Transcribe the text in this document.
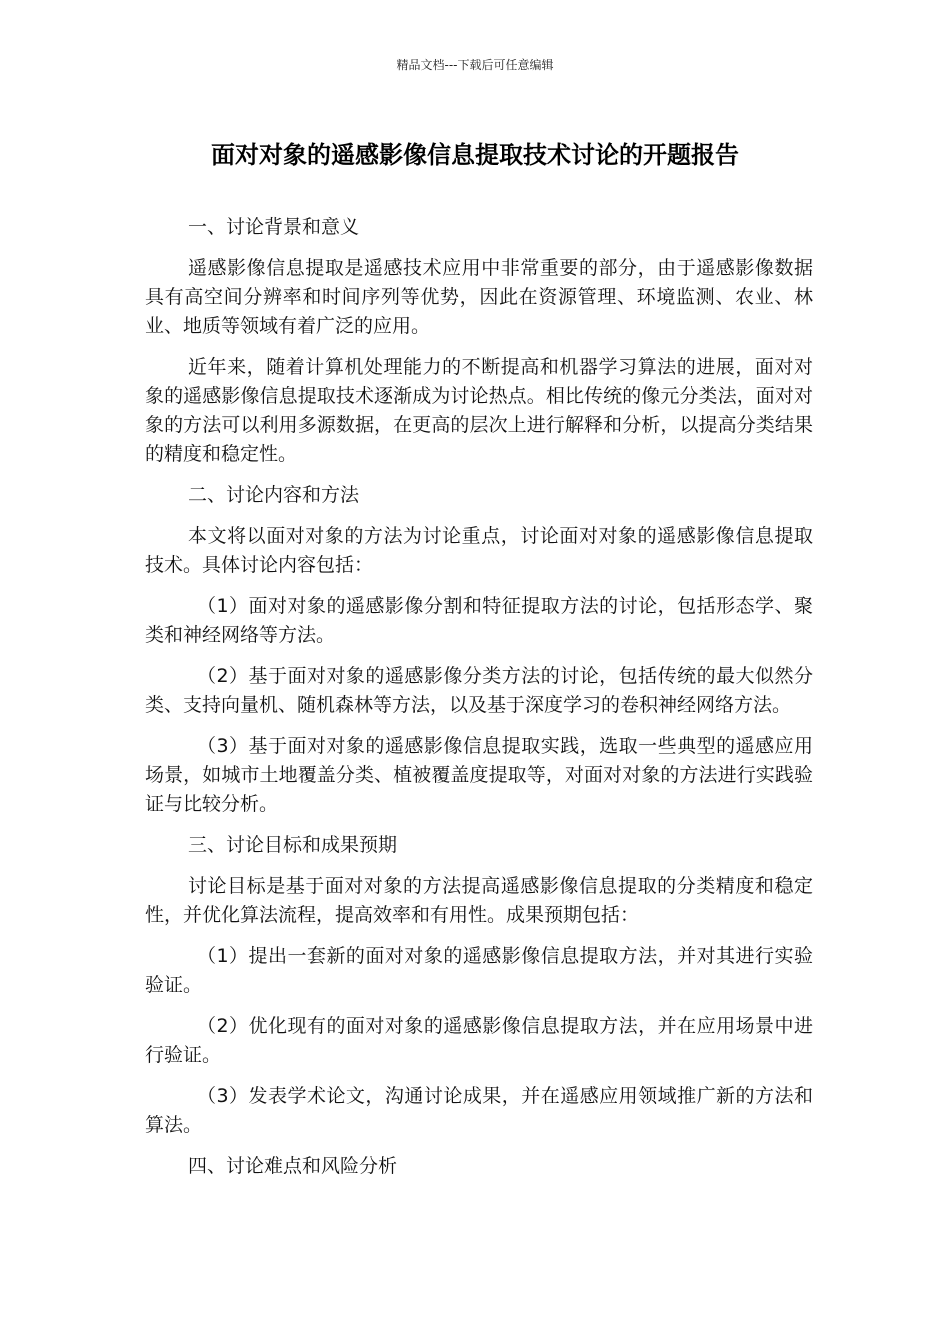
精品文档---下载后可任意编辑
面对对象的遥感影像信息提取技术讨论的开题报告

一、讨论背景和意义

遥感影像信息提取是遥感技术应用中非常重要的部分，由于遥感影像数据具有高空间分辨率和时间序列等优势，因此在资源管理、环境监测、农业、林业、地质等领域有着广泛的应用。

近年来，随着计算机处理能力的不断提高和机器学习算法的进展，面对对象的遥感影像信息提取技术逐渐成为讨论热点。相比传统的像元分类法，面对对象的方法可以利用多源数据，在更高的层次上进行解释和分析，以提高分类结果的精度和稳定性。

二、讨论内容和方法

本文将以面对对象的方法为讨论重点，讨论面对对象的遥感影像信息提取技术。具体讨论内容包括：

（1）面对对象的遥感影像分割和特征提取方法的讨论，包括形态学、聚类和神经网络等方法。

（2）基于面对对象的遥感影像分类方法的讨论，包括传统的最大似然分类、支持向量机、随机森林等方法，以及基于深度学习的卷积神经网络方法。

（3）基于面对对象的遥感影像信息提取实践，选取一些典型的遥感应用场景，如城市土地覆盖分类、植被覆盖度提取等，对面对对象的方法进行实践验证与比较分析。

三、讨论目标和成果预期

讨论目标是基于面对对象的方法提高遥感影像信息提取的分类精度和稳定性，并优化算法流程，提高效率和有用性。成果预期包括：

（1）提出一套新的面对对象的遥感影像信息提取方法，并对其进行实验验证。

（2）优化现有的面对对象的遥感影像信息提取方法，并在应用场景中进行验证。

（3）发表学术论文，沟通讨论成果，并在遥感应用领域推广新的方法和算法。

四、讨论难点和风险分析
